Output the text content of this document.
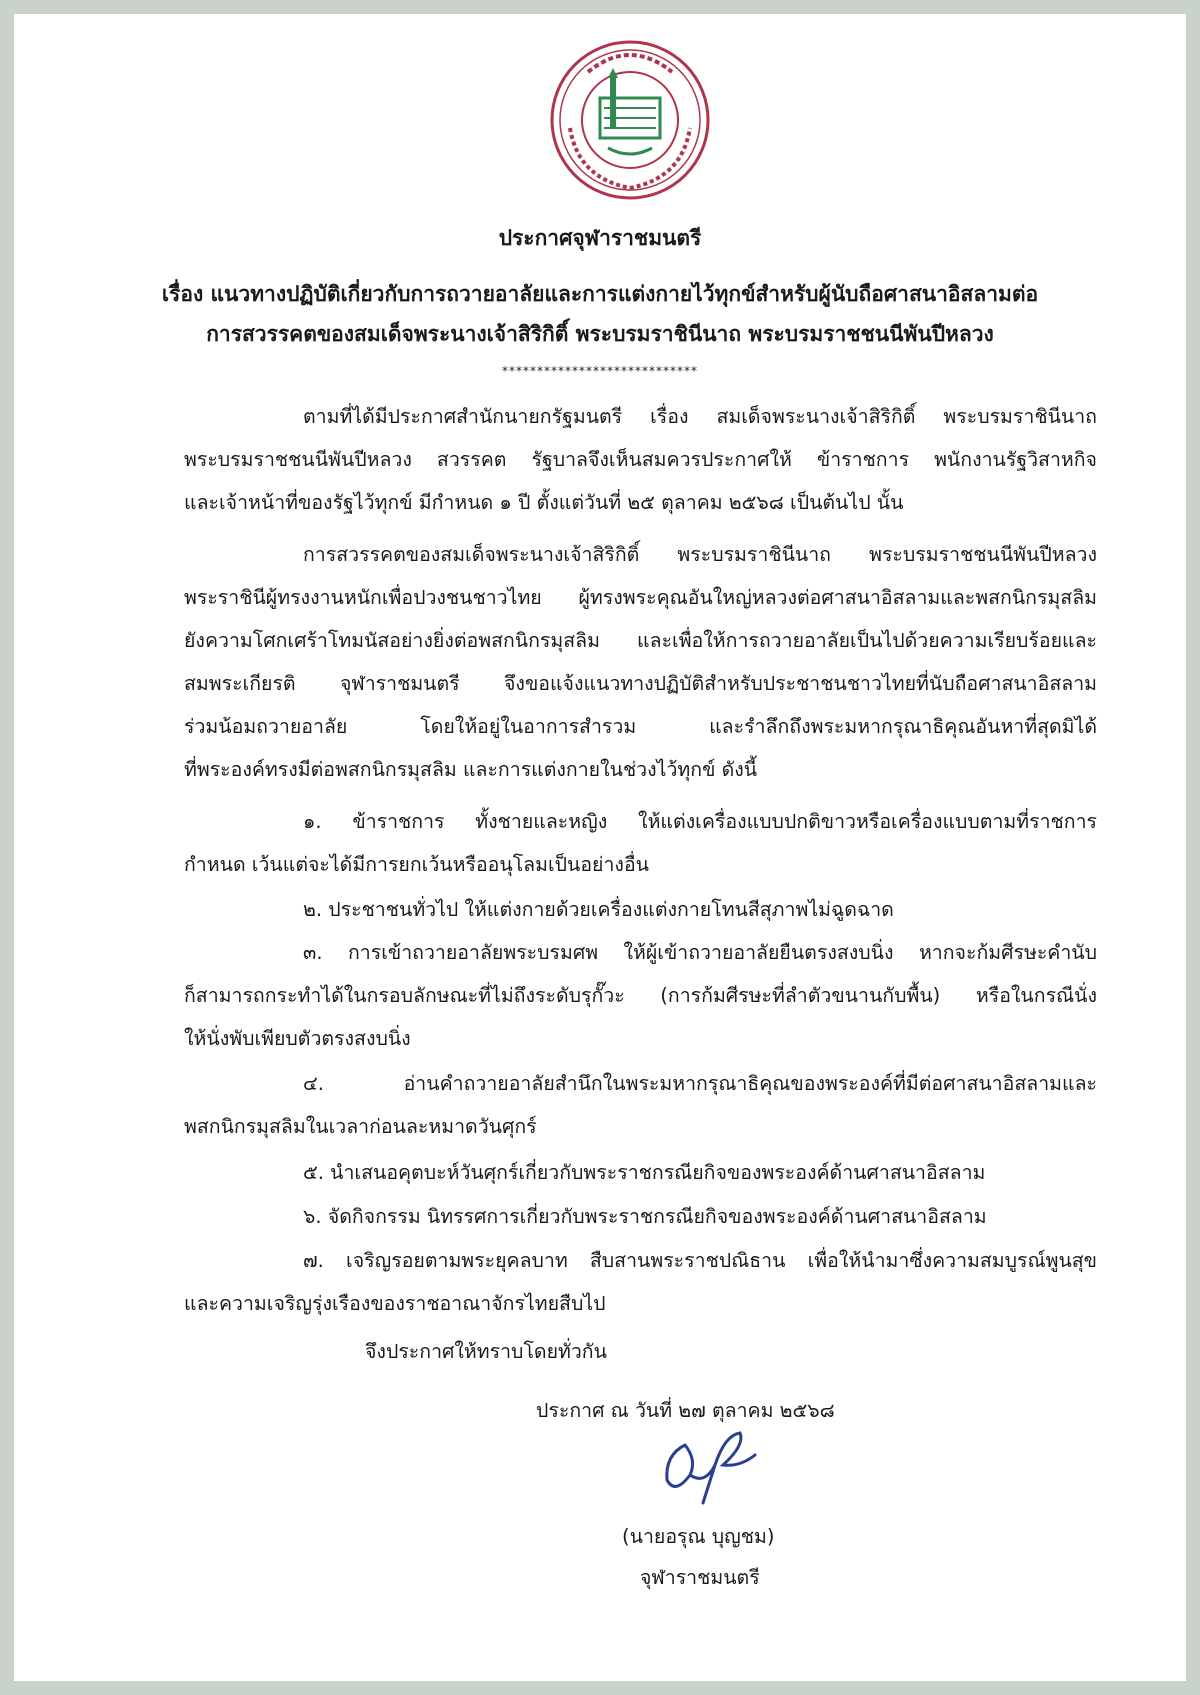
ประกาศจุฬาราชมนตรี
เรื่อง แนวทางปฏิบัติเกี่ยวกับการถวายอาลัยและการแต่งกายไว้ทุกข์สำหรับผู้นับถือศาสนาอิสลามต่อ
การสวรรคตของสมเด็จพระนางเจ้าสิริกิติ์ พระบรมราชินีนาถ พระบรมราชชนนีพันปีหลวง
****************************
ตามที่ได้มีประกาศสำนักนายกรัฐมนตรี เรื่อง สมเด็จพระนางเจ้าสิริกิติ์ พระบรมราชินีนาถ
พระบรมราชชนนีพันปีหลวง สวรรคต รัฐบาลจึงเห็นสมควรประกาศให้ ข้าราชการ พนักงานรัฐวิสาหกิจ
และเจ้าหน้าที่ของรัฐไว้ทุกข์ มีกำหนด ๑ ปี ตั้งแต่วันที่ ๒๕ ตุลาคม ๒๕๖๘ เป็นต้นไป นั้น
การสวรรคตของสมเด็จพระนางเจ้าสิริกิติ์ พระบรมราชินีนาถ พระบรมราชชนนีพันปีหลวง
พระราชินีผู้ทรงงานหนักเพื่อปวงชนชาวไทย ผู้ทรงพระคุณอันใหญ่หลวงต่อศาสนาอิสลามและพสกนิกรมุสลิม
ยังความโศกเศร้าโทมนัสอย่างยิ่งต่อพสกนิกรมุสลิม และเพื่อให้การถวายอาลัยเป็นไปด้วยความเรียบร้อยและ
สมพระเกียรติ จุฬาราชมนตรี จึงขอแจ้งแนวทางปฏิบัติสำหรับประชาชนชาวไทยที่นับถือศาสนาอิสลาม
ร่วมน้อมถวายอาลัย โดยให้อยู่ในอาการสำรวม และรำลึกถึงพระมหากรุณาธิคุณอันหาที่สุดมิได้
ที่พระองค์ทรงมีต่อพสกนิกรมุสลิม และการแต่งกายในช่วงไว้ทุกข์ ดังนี้
๑. ข้าราชการ ทั้งชายและหญิง ให้แต่งเครื่องแบบปกติขาวหรือเครื่องแบบตามที่ราชการ
กำหนด เว้นแต่จะได้มีการยกเว้นหรืออนุโลมเป็นอย่างอื่น
๒. ประชาชนทั่วไป ให้แต่งกายด้วยเครื่องแต่งกายโทนสีสุภาพไม่ฉูดฉาด
๓. การเข้าถวายอาลัยพระบรมศพ ให้ผู้เข้าถวายอาลัยยืนตรงสงบนิ่ง หากจะก้มศีรษะคำนับ
ก็สามารถกระทำได้ในกรอบลักษณะที่ไม่ถึงระดับรุกั๊วะ (การก้มศีรษะที่ลำตัวขนานกับพื้น) หรือในกรณีนั่ง
ให้นั่งพับเพียบตัวตรงสงบนิ่ง
๔. อ่านคำถวายอาลัยสำนึกในพระมหากรุณาธิคุณของพระองค์ที่มีต่อศาสนาอิสลามและ
พสกนิกรมุสลิมในเวลาก่อนละหมาดวันศุกร์
๕. นำเสนอคุตบะห์วันศุกร์เกี่ยวกับพระราชกรณียกิจของพระองค์ด้านศาสนาอิสลาม
๖. จัดกิจกรรม นิทรรศการเกี่ยวกับพระราชกรณียกิจของพระองค์ด้านศาสนาอิสลาม
๗. เจริญรอยตามพระยุคลบาท สืบสานพระราชปณิธาน เพื่อให้นำมาซึ่งความสมบูรณ์พูนสุข
และความเจริญรุ่งเรืองของราชอาณาจักรไทยสืบไป
จึงประกาศให้ทราบโดยทั่วกัน
ประกาศ ณ วันที่ ๒๗ ตุลาคม ๒๕๖๘
(นายอรุณ บุญชม)
จุฬาราชมนตรี
